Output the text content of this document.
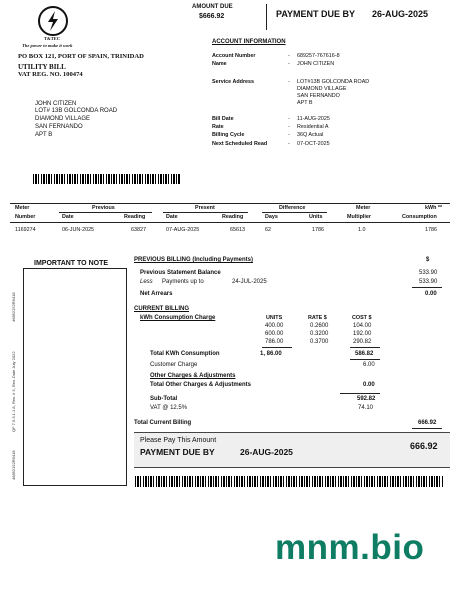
T&TEC
The power to make it work
PO BOX 121, PORT OF SPAIN, TRINIDAD
UTILITY BILL
VAT REG. NO. 100474
AMOUNT DUE
$666.92	PAYMENT DUE BY 26-AUG-2025
ACCOUNT INFORMATION
Account Number	- 689257-767616-8
Name	- JOHN CITIZEN
Service Address	- LOT#13B GOLCONDA ROAD
DIAMOND VILLAGE
SAN FERNANDO
APT B
Bill Date	- 11-AUG-2025
Rate	- Residential A
Billing Cycle	- 36Q Actual
Next Scheduled Read	- 07-OCT-2025
JOHN CITIZEN
LOT# 13B GOLCONDA ROAD
DIAMOND VILLAGE
SAN FERNANDO
APT B
Meter
Number
Previous	Present	Difference	Meter	kWh **
Date	Reading	Date	Reading	Days	Units	Multiplier	Consumption
1169274	06-JUN-2025	63827	07-AUG-2025	65613	62	1786	1.0	1786
IMPORTANT TO NOTE
46852152R9418
QF 7.5.3.1.1 A, Rev. # 3, Rev. Date July 2022
46852152R9418
PREVIOUS BILLING (Including Payments)	$
Previous Statement Balance	533.90
Less Payments up to	24-JUL-2025	533.90
Net Arrears	0.00
CURRENT BILLING
kWh Consumption Charge	UNITS	RATE $	COST $
400.00	0.2600	104.00
600.00	0.3200	192.00
786.00	0.3700	290.82
Total KWh Consumption	1, 86.00	586.82
Customer Charge	6.00
Other Charges & Adjustments
Total Other Charges & Adjustments	0.00
Sub-Total	592.82
VAT @ 12.5%	74.10
Total Current Billing	666.92
Please Pay This Amount
PAYMENT DUE BY	26-AUG-2025
666.92
mnm.bio
